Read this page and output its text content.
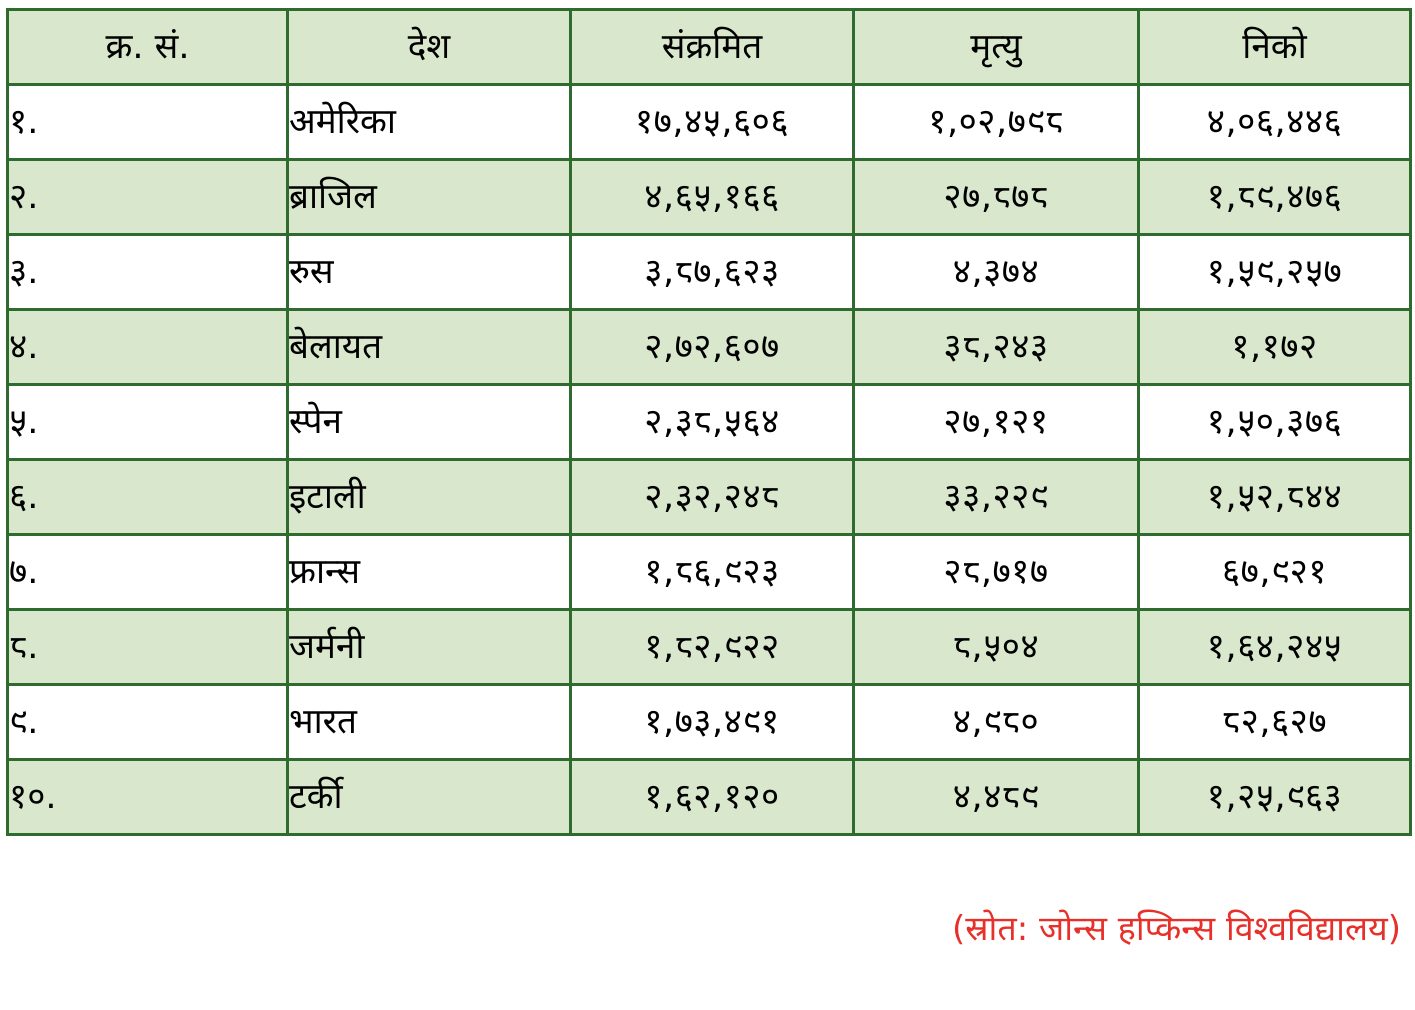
क्र. सं.	देश	संक्रमित	मृत्यु	निको
१.	अमेरिका	१७,४५,६०६	१,०२,७९८	४,०६,४४६
२.	ब्राजिल	४,६५,१६६	२७,८७८	१,८९,४७६
३.	रुस	३,८७,६२३	४,३७४	१,५९,२५७
४.	बेलायत	२,७२,६०७	३८,२४३	१,१७२
५.	स्पेन	२,३८,५६४	२७,१२१	१,५०,३७६
६.	इटाली	२,३२,२४८	३३,२२९	१,५२,८४४
७.	फ्रान्स	१,८६,९२३	२८,७१७	६७,९२१
८.	जर्मनी	१,८२,९२२	८,५०४	१,६४,२४५
९.	भारत	१,७३,४९१	४,९८०	८२,६२७
१०.	टर्की	१,६२,१२०	४,४८९	१,२५,९६३
(स्रोत: जोन्स हप्किन्स विश्वविद्यालय)
